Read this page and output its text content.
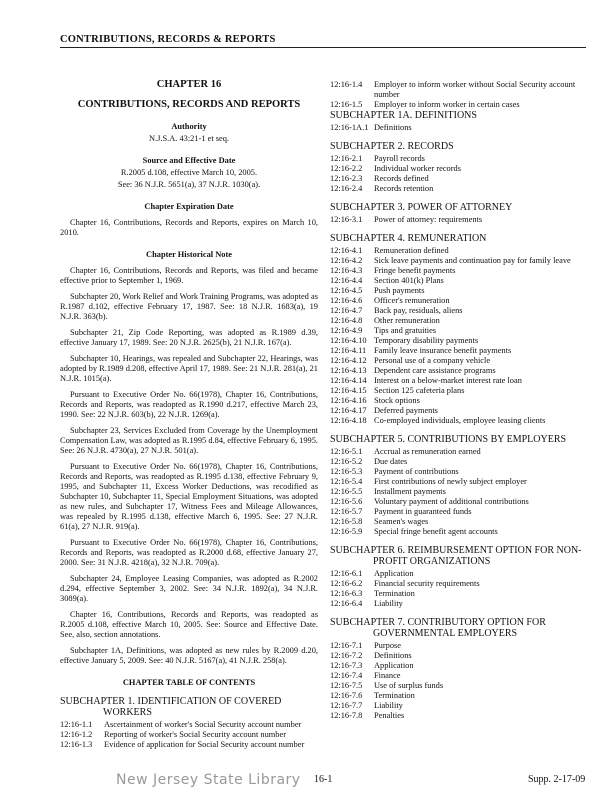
CONTRIBUTIONS, RECORDS & REPORTS
CHAPTER 16
CONTRIBUTIONS, RECORDS AND REPORTS
Authority
N.J.S.A. 43:21-1 et seq.
Source and Effective Date
R.2005 d.108, effective March 10, 2005.
See: 36 N.J.R. 5651(a), 37 N.J.R. 1030(a).
Chapter Expiration Date

Chapter 16, Contributions, Records and Reports, expires on March 10, 2010.

Chapter Historical Note

Chapter 16, Contributions, Records and Reports, was filed and became effective prior to September 1, 1969.

Subchapter 20, Work Relief and Work Training Programs, was adopted as R.1987 d.102, effective February 17, 1987. See: 18 N.J.R. 1683(a), 19 N.J.R. 363(b).

Subchapter 21, Zip Code Reporting, was adopted as R.1989 d.39, effective January 17, 1989. See: 20 N.J.R. 2625(b), 21 N.J.R. 167(a).

Subchapter 10, Hearings, was repealed and Subchapter 22, Hearings, was adopted by R.1989 d.208, effective April 17, 1989. See: 21 N.J.R. 281(a), 21 N.J.R. 1015(a).

Pursuant to Executive Order No. 66(1978), Chapter 16, Contributions, Records and Reports, was readopted as R.1990 d.217, effective March 23, 1990. See: 22 N.J.R. 603(b), 22 N.J.R. 1269(a).

Subchapter 23, Services Excluded from Coverage by the Unemployment Compensation Law, was adopted as R.1995 d.84, effective February 6, 1995. See: 26 N.J.R. 4730(a), 27 N.J.R. 501(a).

Pursuant to Executive Order No. 66(1978), Chapter 16, Contributions, Records and Reports, was readopted as R.1995 d.138, effective February 9, 1995, and Subchapter 11, Excess Worker Deductions, was recodified as Subchapter 10, Subchapter 11, Special Employment Situations, was adopted as new rules, and Subchapter 17, Witness Fees and Mileage Allowances, was repealed by R.1995 d.138, effective March 6, 1995. See: 27 N.J.R. 61(a), 27 N.J.R. 919(a).

Pursuant to Executive Order No. 66(1978), Chapter 16, Contributions, Records and Reports, was readopted as R.2000 d.68, effective January 27, 2000. See: 31 N.J.R. 4218(a), 32 N.J.R. 709(a).

Subchapter 24, Employee Leasing Companies, was adopted as R.2002 d.294, effective September 3, 2002. See: 34 N.J.R. 1892(a), 34 N.J.R. 3089(a).

Chapter 16, Contributions, Records and Reports, was readopted as R.2005 d.108, effective March 10, 2005. See: Source and Effective Date. See, also, section annotations.

Subchapter 1A, Definitions, was adopted as new rules by R.2009 d.20, effective January 5, 2009. See: 40 N.J.R. 5167(a), 41 N.J.R. 258(a).

CHAPTER TABLE OF CONTENTS
SUBCHAPTER 1. IDENTIFICATION OF COVERED
WORKERS
12:16-1.1	Ascertainment of worker's Social Security account number
12:16-1.2	Reporting of worker's Social Security account number
12:16-1.3	Evidence of application for Social Security account number
12:16-1.4	Employer to inform worker without Social Security account number
12:16-1.5	Employer to inform worker in certain cases
SUBCHAPTER 1A. DEFINITIONS
12:16-1A.1 Definitions
SUBCHAPTER 2. RECORDS
12:16-2.1	Payroll records
12:16-2.2	Individual worker records
12:16-2.3	Records defined
12:16-2.4	Records retention
SUBCHAPTER 3. POWER OF ATTORNEY
12:16-3.1	Power of attorney: requirements
SUBCHAPTER 4. REMUNERATION
12:16-4.1	Remuneration defined
12:16-4.2	Sick leave payments and continuation pay for family leave
12:16-4.3	Fringe benefit payments
12:16-4.4	Section 401(k) Plans
12:16-4.5	Push payments
12:16-4.6	Officer's remuneration
12:16-4.7	Back pay, residuals, aliens
12:16-4.8	Other remuneration
12:16-4.9	Tips and gratuities
12:16-4.10 Temporary disability payments
12:16-4.11 Family leave insurance benefit payments
12:16-4.12 Personal use of a company vehicle
12:16-4.13 Dependent care assistance programs
12:16-4.14 Interest on a below-market interest rate loan
12:16-4.15 Section 125 cafeteria plans
12:16-4.16 Stock options
12:16-4.17 Deferred payments
12:16-4.18 Co-employed individuals, employee leasing clients
SUBCHAPTER 5. CONTRIBUTIONS BY EMPLOYERS
12:16-5.1	Accrual as remuneration earned
12:16-5.2	Due dates
12:16-5.3	Payment of contributions
12:16-5.4	First contributions of newly subject employer
12:16-5.5	Installment payments
12:16-5.6	Voluntary payment of additional contributions
12:16-5.7	Payment in guaranteed funds
12:16-5.8	Seamen's wages
12:16-5.9	Special fringe benefit agent accounts
SUBCHAPTER 6. REIMBURSEMENT OPTION FOR NON-
PROFIT ORGANIZATIONS
12:16-6.1	Application
12:16-6.2	Financial security requirements
12:16-6.3	Termination
12:16-6.4	Liability
SUBCHAPTER 7. CONTRIBUTORY OPTION FOR
GOVERNMENTAL EMPLOYERS
12:16-7.1	Purpose
12:16-7.2	Definitions
12:16-7.3	Application
12:16-7.4	Finance
12:16-7.5	Use of surplus funds
12:16-7.6	Termination
12:16-7.7	Liability
12:16-7.8	Penalties
New Jersey State Library 16-1	Supp. 2-17-09
